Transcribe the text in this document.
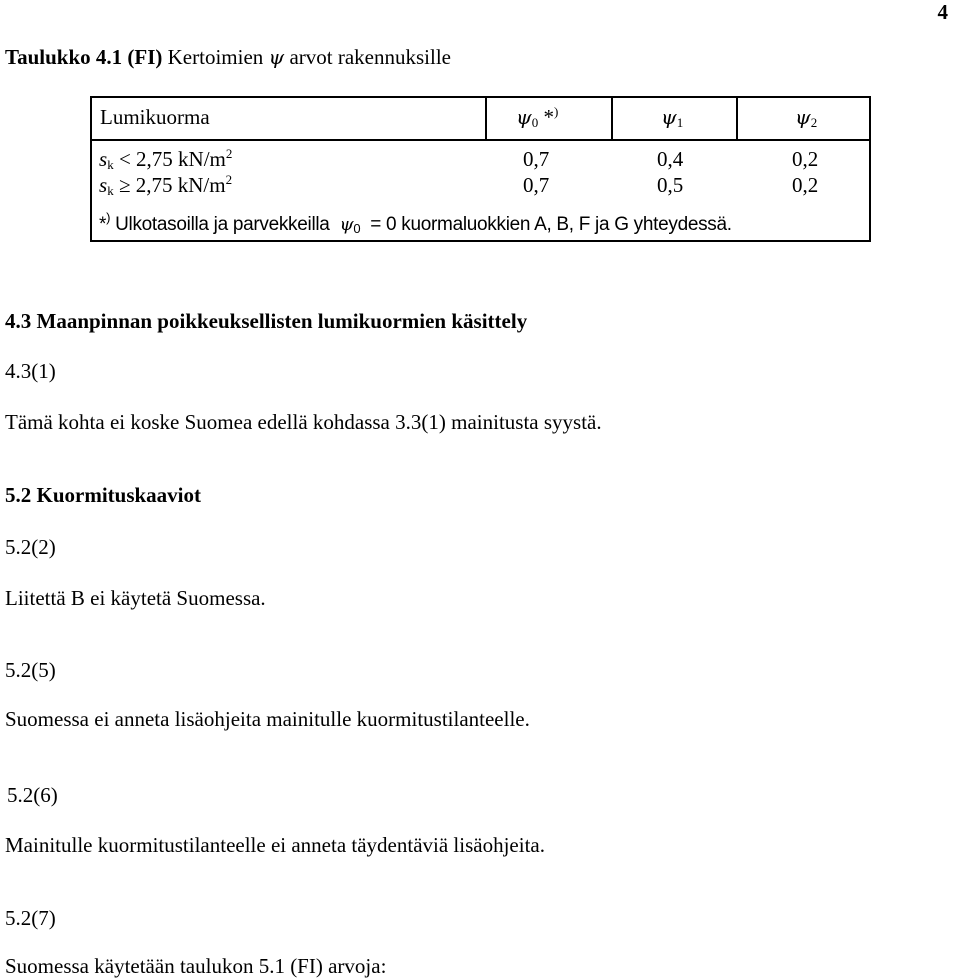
4
Taulukko 4.1 (FI) Kertoimien ψ arvot rakennuksille
Lumikuorma	$\psi_0$ *)	$\psi_1$	$\psi_2$
$s_k < 2,75$ $kN/m^2$	0,7	0,4	0,2
$s_k \ge 2,75$ $kN/m^2$	0,7	0,5	0,2
*) Ulkotasoilla ja parvekkeilla $\psi_0 = 0$ kuormaluokkien A, B, F ja G yhteydessä.
4.3 Maanpinnan poikkeuksellisten lumikuormien käsittely
4.3(1)
Tämä kohta ei koske Suomea edellä kohdassa 3.3(1) mainitusta syystä.
5.2 Kuormituskaaviot
5.2(2)
Liitettä B ei käytetä Suomessa.
5.2(5)
Suomessa ei anneta lisäohjeita mainitulle kuormitustilanteelle.
5.2(6)
Mainitulle kuormitustilanteelle ei anneta täydentäviä lisäohjeita.
5.2(7)
Suomessa käytetään taulukon 5.1 (FI) arvoja:
